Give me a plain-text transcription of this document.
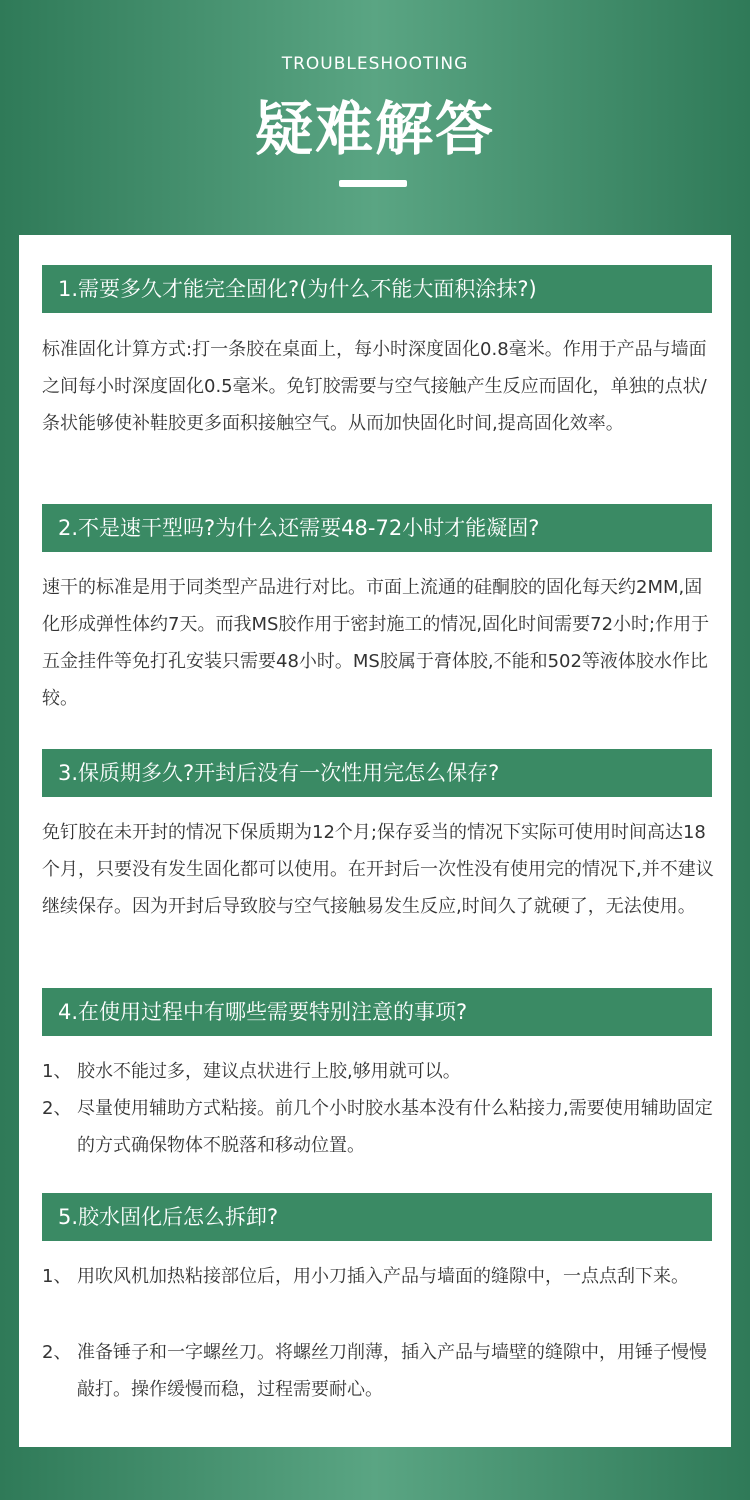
TROUBLESHOOTING
疑难解答
1.需要多久才能完全固化?(为什么不能大面积涂抹?)
标准固化计算方式:打一条胶在桌面上，每小时深度固化0.8毫米。作用于产品与墙面之间每小时深度固化0.5毫米。免钉胶需要与空气接触产生反应而固化，单独的点状/条状能够使补鞋胶更多面积接触空气。从而加快固化时间,提高固化效率。
2.不是速干型吗?为什么还需要48-72小时才能凝固?
速干的标准是用于同类型产品进行对比。市面上流通的硅酮胶的固化每天约2MM,固化形成弹性体约7天。而我MS胶作用于密封施工的情况,固化时间需要72小时;作用于五金挂件等免打孔安装只需要48小时。MS胶属于膏体胶,不能和502等液体胶水作比较。
3.保质期多久?开封后没有一次性用完怎么保存?
免钉胶在未开封的情况下保质期为12个月;保存妥当的情况下实际可使用时间高达18个月，只要没有发生固化都可以使用。在开封后一次性没有使用完的情况下,并不建议继续保存。因为开封后导致胶与空气接触易发生反应,时间久了就硬了，无法使用。
4.在使用过程中有哪些需要特别注意的事项?
1、 胶水不能过多，建议点状进行上胶,够用就可以。
2、 尽量使用辅助方式粘接。前几个小时胶水基本没有什么粘接力,需要使用辅助固定的方式确保物体不脱落和移动位置。
5.胶水固化后怎么拆卸?
1、 用吹风机加热粘接部位后，用小刀插入产品与墙面的缝隙中，一点点刮下来。
2、 准备锤子和一字螺丝刀。将螺丝刀削薄，插入产品与墙壁的缝隙中，用锤子慢慢敲打。操作缓慢而稳，过程需要耐心。
